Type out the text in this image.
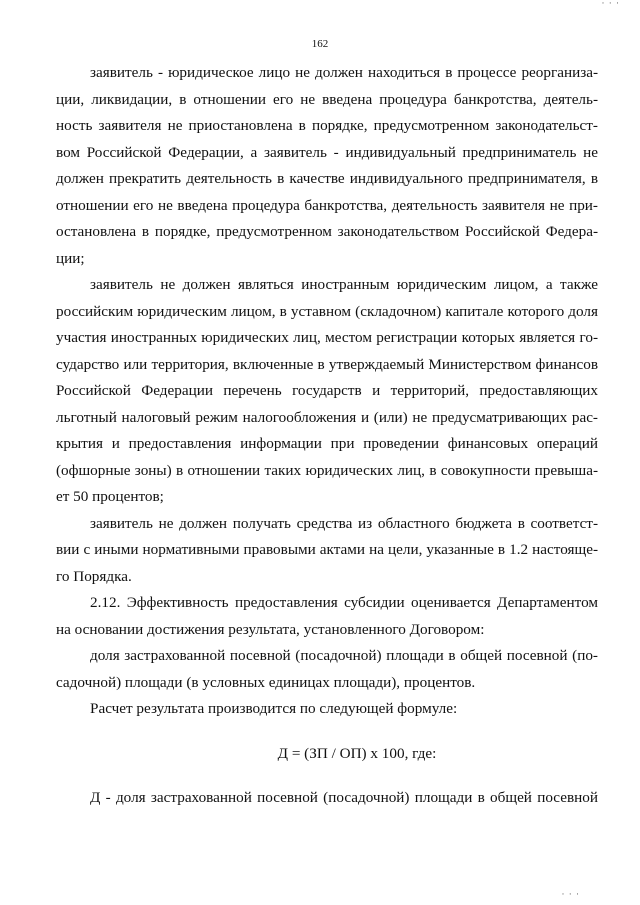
· · ·
162
заявитель - юридическое лицо не должен находиться в процессе реорганиза-
ции, ликвидации, в отношении его не введена процедура банкротства, деятель-
ность заявителя не приостановлена в порядке, предусмотренном законодательст-
вом Российской Федерации, а заявитель - индивидуальный предприниматель не
должен прекратить деятельность в качестве индивидуального предпринимателя, в
отношении его не введена процедура банкротства, деятельность заявителя не при-
остановлена в порядке, предусмотренном законодательством Российской Федера-
ции;
заявитель не должен являться иностранным юридическим лицом, а также
российским юридическим лицом, в уставном (складочном) капитале которого доля
участия иностранных юридических лиц, местом регистрации которых является го-
сударство или территория, включенные в утверждаемый Министерством финансов
Российской Федерации перечень государств и территорий, предоставляющих
льготный налоговый режим налогообложения и (или) не предусматривающих рас-
крытия и предоставления информации при проведении финансовых операций
(офшорные зоны) в отношении таких юридических лиц, в совокупности превыша-
ет 50 процентов;
заявитель не должен получать средства из областного бюджета в соответст-
вии с иными нормативными правовыми актами на цели, указанные в 1.2 настояще-
го Порядка.
2.12. Эффективность предоставления субсидии оценивается Департаментом
на основании достижения результата, установленного Договором:
доля застрахованной посевной (посадочной) площади в общей посевной (по-
садочной) площади (в условных единицах площади), процентов.
Расчет результата производится по следующей формуле:
Д = (ЗП / ОП) х 100, где:
Д - доля застрахованной посевной (посадочной) площади в общей посевной
· · ·
